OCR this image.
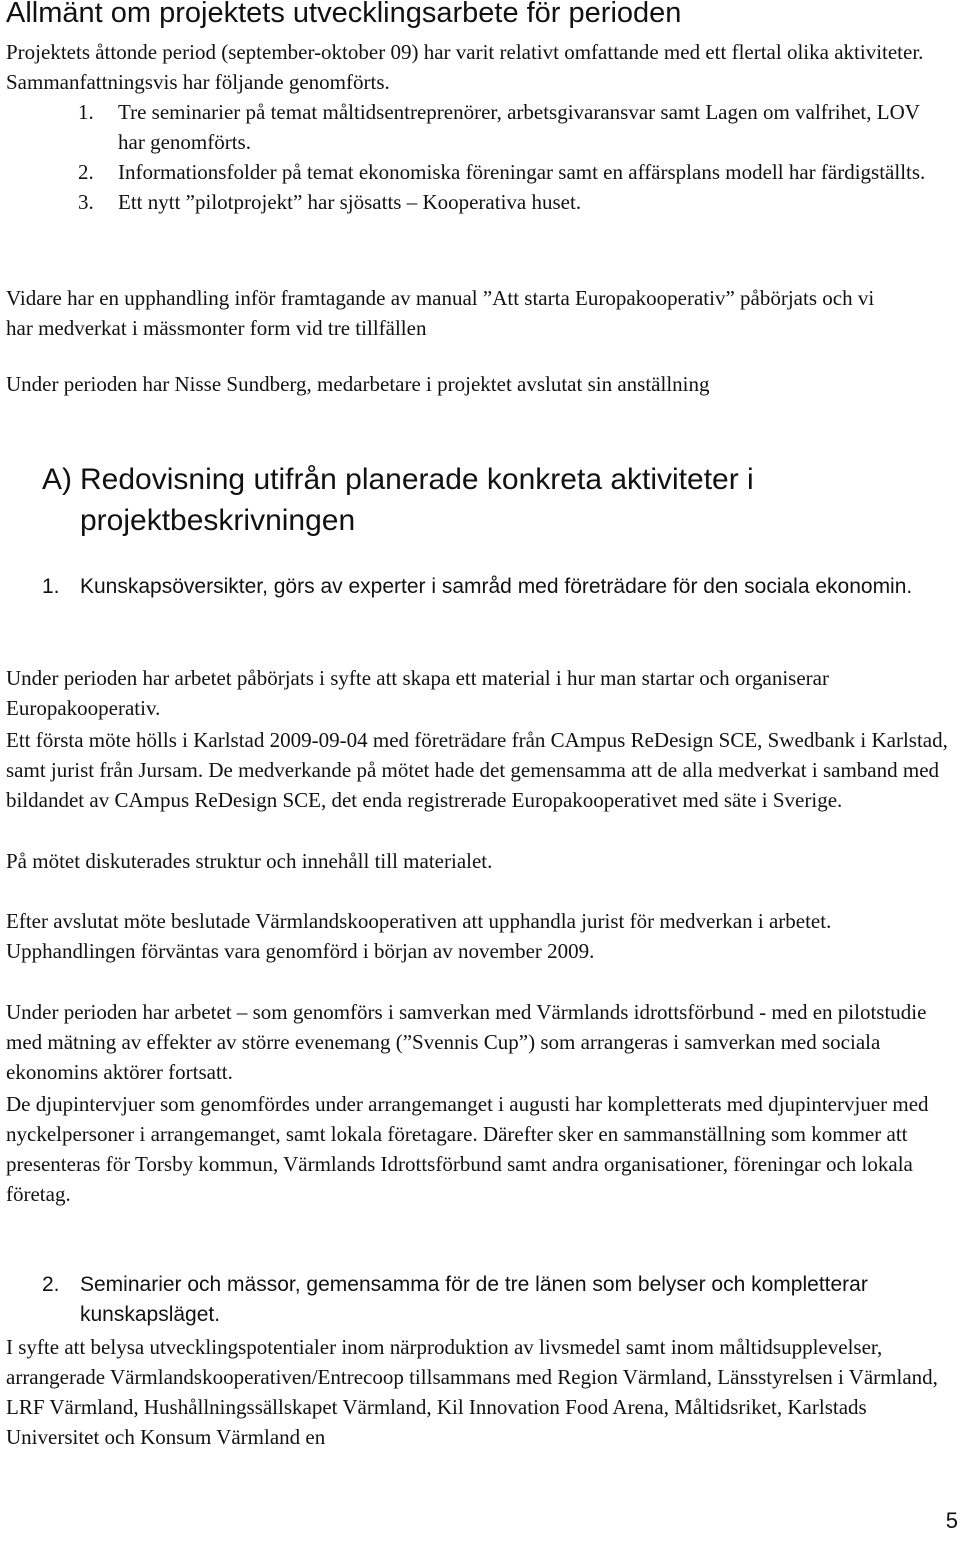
Allmänt om projektets utvecklingsarbete för perioden

Projektets åttonde period (september-oktober 09) har varit relativt omfattande med ett flertal olika aktiviteter. Sammanfattningsvis har följande genomförts.

1. Tre seminarier på temat måltidsentreprenörer, arbetsgivaransvar samt Lagen om valfrihet, LOV har genomförts.
2. Informationsfolder på temat ekonomiska föreningar samt en affärsplans modell har färdigställts.
3. Ett nytt ”pilotprojekt” har sjösatts – Kooperativa huset.

Vidare har en upphandling inför framtagande av manual ”Att starta Europakooperativ” påbörjats och vi har medverkat i mässmonter form vid tre tillfällen

Under perioden har Nisse Sundberg, medarbetare i projektet avslutat sin anställning

A) Redovisning utifrån planerade konkreta aktiviteter i projektbeskrivningen
1. Kunskapsöversikter, görs av experter i samråd med företrädare för den sociala ekonomin.

Under perioden har arbetet påbörjats i syfte att skapa ett material i hur man startar och organiserar Europakooperativ.

Ett första möte hölls i Karlstad 2009-09-04 med företrädare från CAmpus ReDesign SCE, Swedbank i Karlstad, samt jurist från Jursam. De medverkande på mötet hade det gemensamma att de alla medverkat i samband med bildandet av CAmpus ReDesign SCE, det enda registrerade Europakooperativet med säte i Sverige.

På mötet diskuterades struktur och innehåll till materialet.

Efter avslutat möte beslutade Värmlandskooperativen att upphandla jurist för medverkan i arbetet. Upphandlingen förväntas vara genomförd i början av november 2009.

Under perioden har arbetet – som genomförs i samverkan med Värmlands idrottsförbund - med en pilotstudie med mätning av effekter av större evenemang (”Svennis Cup”) som arrangeras i samverkan med sociala ekonomins aktörer fortsatt.

De djupintervjuer som genomfördes under arrangemanget i augusti har kompletterats med djupintervjuer med nyckelpersoner i arrangemanget, samt lokala företagare. Därefter sker en sammanställning som kommer att presenteras för Torsby kommun, Värmlands Idrottsförbund samt andra organisationer, föreningar och lokala företag.

2. Seminarier och mässor, gemensamma för de tre länen som belyser och kompletterar kunskapsläget.

I syfte att belysa utvecklingspotentialer inom närproduktion av livsmedel samt inom måltidsupplevelser, arrangerade Värmlandskooperativen/Entrecoop tillsammans med Region Värmland, Länsstyrelsen i Värmland, LRF Värmland, Hushållningssällskapet Värmland, Kil Innovation Food Arena, Måltidsriket, Karlstads Universitet och Konsum Värmland en

5
